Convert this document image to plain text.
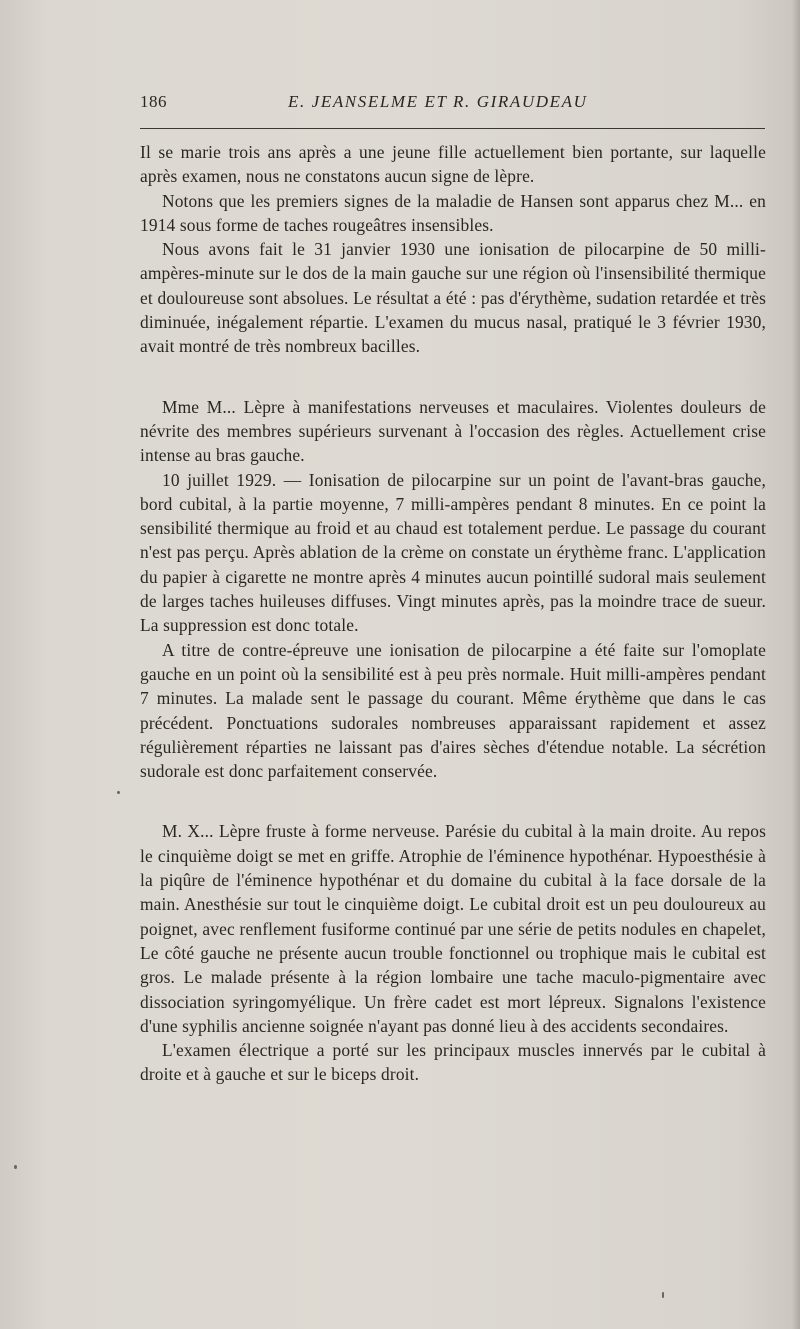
186	E. JEANSELME ET R. GIRAUDEAU

Il se marie trois ans après a une jeune fille actuellement bien portante, sur laquelle après examen, nous ne constatons aucun signe de lèpre.

Notons que les premiers signes de la maladie de Hansen sont apparus chez M... en 1914 sous forme de taches rougeâtres insensibles.

Nous avons fait le 31 janvier 1930 une ionisation de pilocarpine de 50 milli-ampères-minute sur le dos de la main gauche sur une région où l'insensibilité thermique et douloureuse sont absolues. Le résultat a été : pas d'érythème, sudation retardée et très diminuée, inégalement répartie. L'examen du mucus nasal, pratiqué le 3 février 1930, avait montré de très nombreux bacilles.

Mme M... Lèpre à manifestations nerveuses et maculaires. Violentes douleurs de névrite des membres supérieurs survenant à l'occasion des règles. Actuellement crise intense au bras gauche.

10 juillet 1929. — Ionisation de pilocarpine sur un point de l'avant-bras gauche, bord cubital, à la partie moyenne, 7 milli-ampères pendant 8 minutes. En ce point la sensibilité thermique au froid et au chaud est totalement perdue. Le passage du courant n'est pas perçu. Après ablation de la crème on constate un érythème franc. L'application du papier à cigarette ne montre après 4 minutes aucun pointillé sudoral mais seulement de larges taches huileuses diffuses. Vingt minutes après, pas la moindre trace de sueur. La suppression est donc totale.

A titre de contre-épreuve une ionisation de pilocarpine a été faite sur l'omoplate gauche en un point où la sensibilité est à peu près normale. Huit milli-ampères pendant 7 minutes. La malade sent le passage du courant. Même érythème que dans le cas précédent. Ponctuations sudorales nombreuses apparaissant rapidement et assez régulièrement réparties ne laissant pas d'aires sèches d'étendue notable. La sécrétion sudorale est donc parfaitement conservée.

M. X... Lèpre fruste à forme nerveuse. Parésie du cubital à la main droite. Au repos le cinquième doigt se met en griffe. Atrophie de l'éminence hypothénar. Hypoesthésie à la piqûre de l'éminence hypothénar et du domaine du cubital à la face dorsale de la main. Anesthésie sur tout le cinquième doigt. Le cubital droit est un peu douloureux au poignet, avec renflement fusiforme continué par une série de petits nodules en chapelet, Le côté gauche ne présente aucun trouble fonctionnel ou trophique mais le cubital est gros. Le malade présente à la région lombaire une tache maculo-pigmentaire avec dissociation syringomyélique. Un frère cadet est mort lépreux. Signalons l'existence d'une syphilis ancienne soignée n'ayant pas donné lieu à des accidents secondaires.

L'examen électrique a porté sur les principaux muscles innervés par le cubital à droite et à gauche et sur le biceps droit.
